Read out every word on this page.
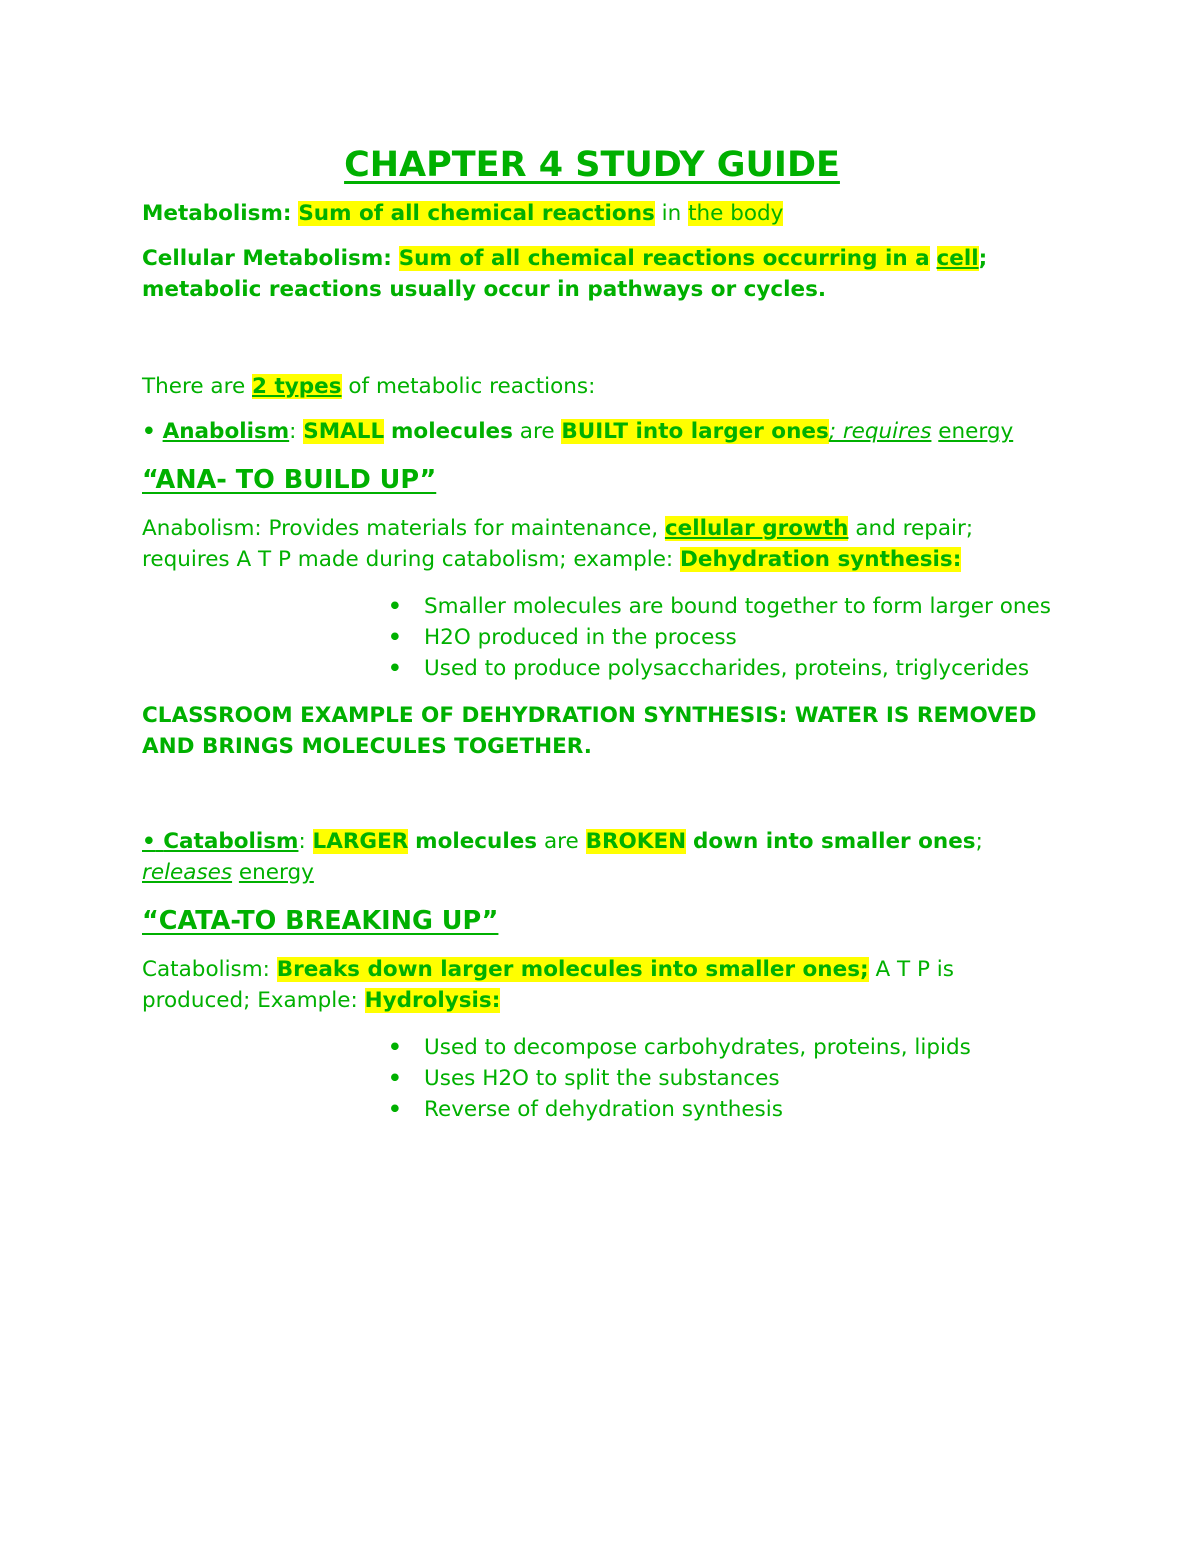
CHAPTER 4 STUDY GUIDE

Metabolism: Sum of all chemical reactions in the body

Cellular Metabolism: Sum of all chemical reactions occurring in a cell; metabolic reactions usually occur in pathways or cycles.

There are 2 types of metabolic reactions:

• Anabolism: SMALL molecules are BUILT into larger ones; requires energy

“ANA- TO BUILD UP”

Anabolism: Provides materials for maintenance, cellular growth and repair; requires A T P made during catabolism; example: Dehydration synthesis:

• Smaller molecules are bound together to form larger ones
• H2O produced in the process
• Used to produce polysaccharides, proteins, triglycerides

CLASSROOM EXAMPLE OF DEHYDRATION SYNTHESIS: WATER IS REMOVED AND BRINGS MOLECULES TOGETHER.

• Catabolism: LARGER molecules are BROKEN down into smaller ones; releases energy

“CATA-TO BREAKING UP”

Catabolism: Breaks down larger molecules into smaller ones; A T P is produced; Example: Hydrolysis:

• Used to decompose carbohydrates, proteins, lipids
• Uses H2O to split the substances
• Reverse of dehydration synthesis
